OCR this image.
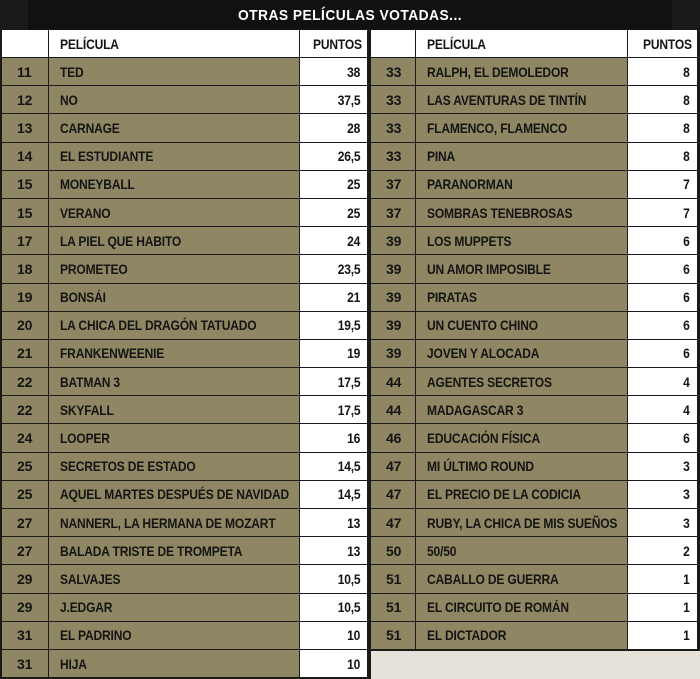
OTRAS PELÍCULAS VOTADAS...
	PELÍCULA	PUNTOS
11	TED	38
12	NO	37,5
13	CARNAGE	28
14	EL ESTUDIANTE	26,5
15	MONEYBALL	25
15	VERANO	25
17	LA PIEL QUE HABITO	24
18	PROMETEO	23,5
19	BONSÁI	21
20	LA CHICA DEL DRAGÓN TATUADO	19,5
21	FRANKENWEENIE	19
22	BATMAN 3	17,5
22	SKYFALL	17,5
24	LOOPER	16
25	SECRETOS DE ESTADO	14,5
25	AQUEL MARTES DESPUÉS DE NAVIDAD	14,5
27	NANNERL, LA HERMANA DE MOZART	13
27	BALADA TRISTE DE TROMPETA	13
29	SALVAJES	10,5
29	J.EDGAR	10,5
31	EL PADRINO	10
31	HIJA	10
	PELÍCULA	PUNTOS
33	RALPH, EL DEMOLEDOR	8
33	LAS AVENTURAS DE TINTÍN	8
33	FLAMENCO, FLAMENCO	8
33	PINA	8
37	PARANORMAN	7
37	SOMBRAS TENEBROSAS	7
39	LOS MUPPETS	6
39	UN AMOR IMPOSIBLE	6
39	PIRATAS	6
39	UN CUENTO CHINO	6
39	JOVEN Y ALOCADA	6
44	AGENTES SECRETOS	4
44	MADAGASCAR 3	4
46	EDUCACIÓN FÍSICA	6
47	MI ÚLTIMO ROUND	3
47	EL PRECIO DE LA CODICIA	3
47	RUBY, LA CHICA DE MIS SUEÑOS	3
50	50/50	2
51	CABALLO DE GUERRA	1
51	EL CIRCUITO DE ROMÁN	1
51	EL DICTADOR	1
